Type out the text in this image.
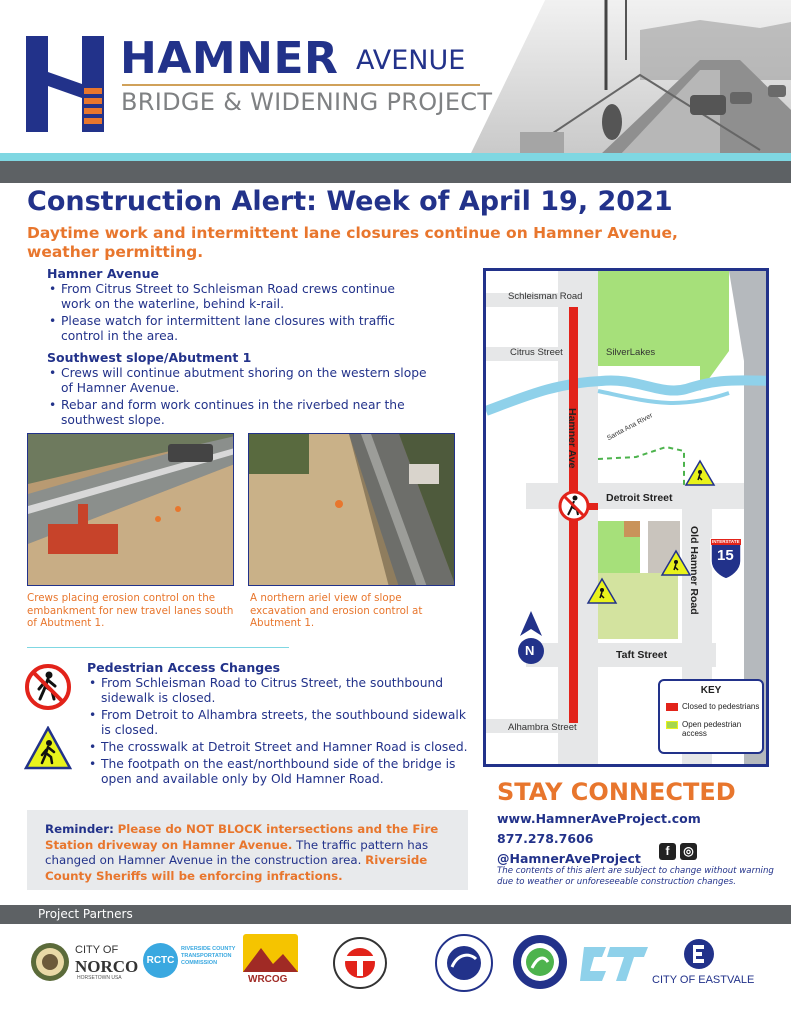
HAMNER AVENUE
BRIDGE & WIDENING PROJECT
Construction Alert: Week of April 19, 2021
Daytime work and intermittent lane closures continue on Hamner Avenue, weather permitting.
Hamner Avenue
• From Citrus Street to Schleisman Road crews continue work on the waterline, behind k-rail.
• Please watch for intermittent lane closures with traffic control in the area.
Southwest slope/Abutment 1
• Crews will continue abutment shoring on the western slope of Hamner Avenue.
• Rebar and form work continues in the riverbed near the southwest slope.
Crews placing erosion control on the embankment for new travel lanes south of Abutment 1.
A northern ariel view of slope excavation and erosion control at Abutment 1.
Pedestrian Access Changes
• From Schleisman Road to Citrus Street, the southbound sidewalk is closed.
• From Detroit to Alhambra streets, the southbound sidewalk is closed.
• The crosswalk at Detroit Street and Hamner Road is closed.
• The footpath on the east/northbound side of the bridge is open and available only by Old Hamner Road.
Reminder: Please do NOT BLOCK intersections and the Fire Station driveway on Hamner Avenue. The traffic pattern has changed on Hamner Avenue in the construction area. Riverside County Sheriffs will be enforcing infractions.
Schleisman Road
Citrus Street	SilverLakes
Santa Ana River
Hamner Ave
Detroit Street
Old Hamner Road
Taft Street
Alhambra Street
INTERSTATE
15
N
KEY
Closed to pedestrians
Open pedestrian access
STAY CONNECTED
www.HamnerAveProject.com
877.278.7606
@HamnerAveProject	f	◎
The contents of this alert are subject to change without warning due to weather or unforeseeable construction changes.
Project Partners
CITY OF
NORCO
HORSETOWN USA
RCTC
RIVERSIDE COUNTY TRANSPORTATION COMMISSION
WRCOG	CITY OF EASTVALE
